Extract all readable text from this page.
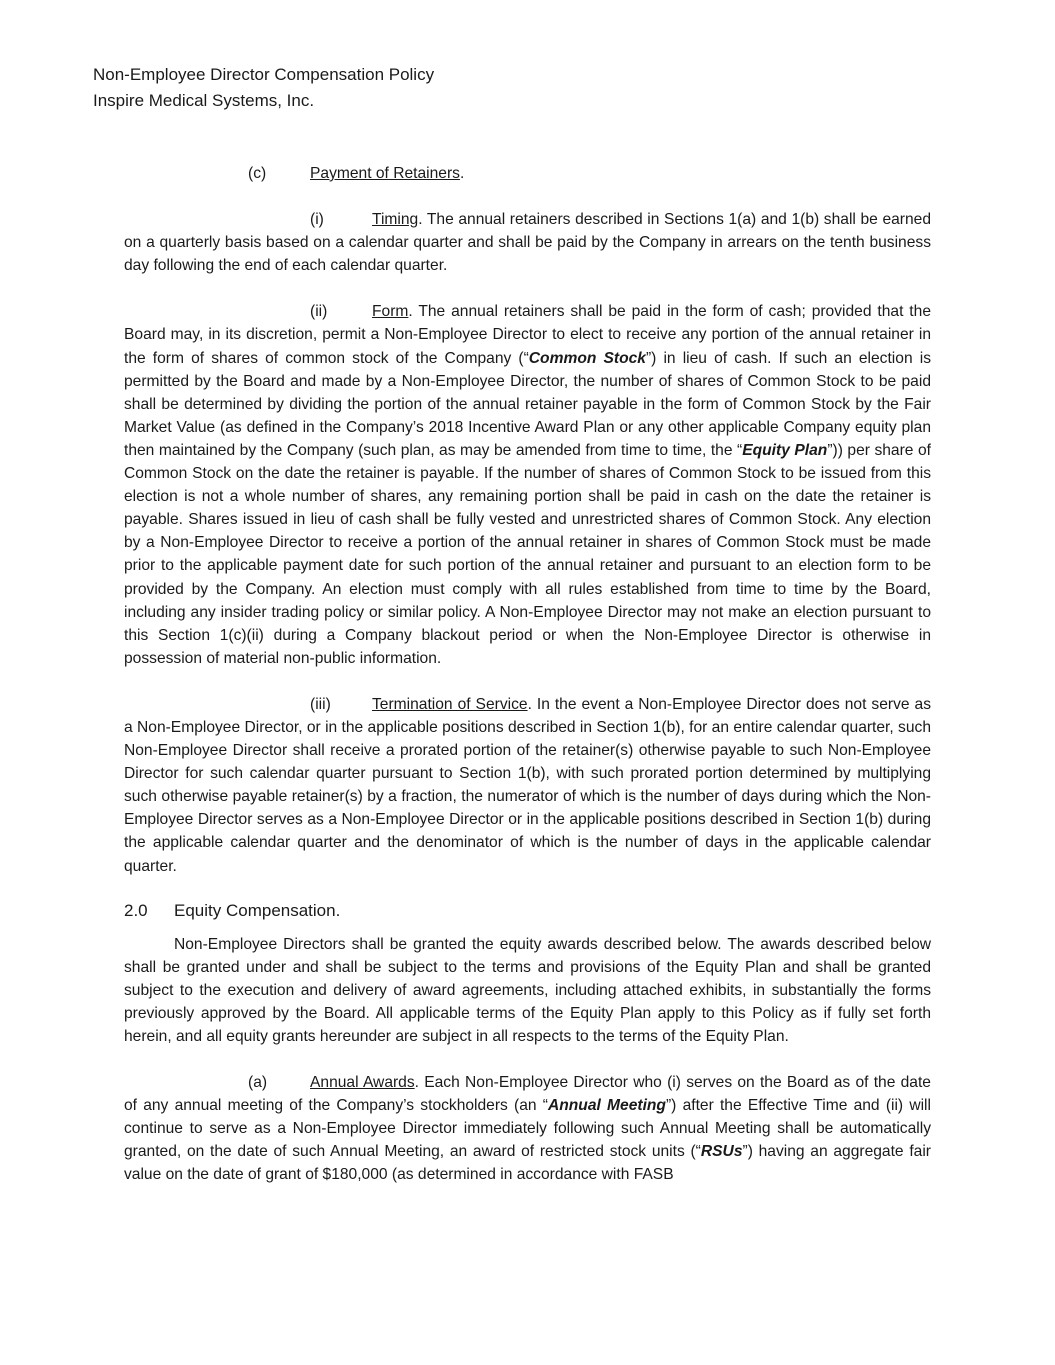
Non-Employee Director Compensation Policy
Inspire Medical Systems, Inc.

(c)	Payment of Retainers.

(i)	Timing. The annual retainers described in Sections 1(a) and 1(b) shall be earned on a quarterly basis based on a calendar quarter and shall be paid by the Company in arrears on the tenth business day following the end of each calendar quarter.

(ii)	Form. The annual retainers shall be paid in the form of cash; provided that the Board may, in its discretion, permit a Non-Employee Director to elect to receive any portion of the annual retainer in the form of shares of common stock of the Company (“Common Stock”) in lieu of cash. If such an election is permitted by the Board and made by a Non-Employee Director, the number of shares of Common Stock to be paid shall be determined by dividing the portion of the annual retainer payable in the form of Common Stock by the Fair Market Value (as defined in the Company’s 2018 Incentive Award Plan or any other applicable Company equity plan then maintained by the Company (such plan, as may be amended from time to time, the “Equity Plan”)) per share of Common Stock on the date the retainer is payable. If the number of shares of Common Stock to be issued from this election is not a whole number of shares, any remaining portion shall be paid in cash on the date the retainer is payable. Shares issued in lieu of cash shall be fully vested and unrestricted shares of Common Stock. Any election by a Non-Employee Director to receive a portion of the annual retainer in shares of Common Stock must be made prior to the applicable payment date for such portion of the annual retainer and pursuant to an election form to be provided by the Company. An election must comply with all rules established from time to time by the Board, including any insider trading policy or similar policy. A Non-Employee Director may not make an election pursuant to this Section 1(c)(ii) during a Company blackout period or when the Non-Employee Director is otherwise in possession of material non-public information.

(iii)	Termination of Service. In the event a Non-Employee Director does not serve as a Non-Employee Director, or in the applicable positions described in Section 1(b), for an entire calendar quarter, such Non-Employee Director shall receive a prorated portion of the retainer(s) otherwise payable to such Non-Employee Director for such calendar quarter pursuant to Section 1(b), with such prorated portion determined by multiplying such otherwise payable retainer(s) by a fraction, the numerator of which is the number of days during which the Non-Employee Director serves as a Non-Employee Director or in the applicable positions described in Section 1(b) during the applicable calendar quarter and the denominator of which is the number of days in the applicable calendar quarter.

2.0 Equity Compensation.

Non-Employee Directors shall be granted the equity awards described below. The awards described below shall be granted under and shall be subject to the terms and provisions of the Equity Plan and shall be granted subject to the execution and delivery of award agreements, including attached exhibits, in substantially the forms previously approved by the Board. All applicable terms of the Equity Plan apply to this Policy as if fully set forth herein, and all equity grants hereunder are subject in all respects to the terms of the Equity Plan.

(a)	Annual Awards. Each Non-Employee Director who (i) serves on the Board as of the date of any annual meeting of the Company’s stockholders (an “Annual Meeting”) after the Effective Time and (ii) will continue to serve as a Non-Employee Director immediately following such Annual Meeting shall be automatically granted, on the date of such Annual Meeting, an award of restricted stock units (“RSUs”) having an aggregate fair value on the date of grant of $180,000 (as determined in accordance with FASB
